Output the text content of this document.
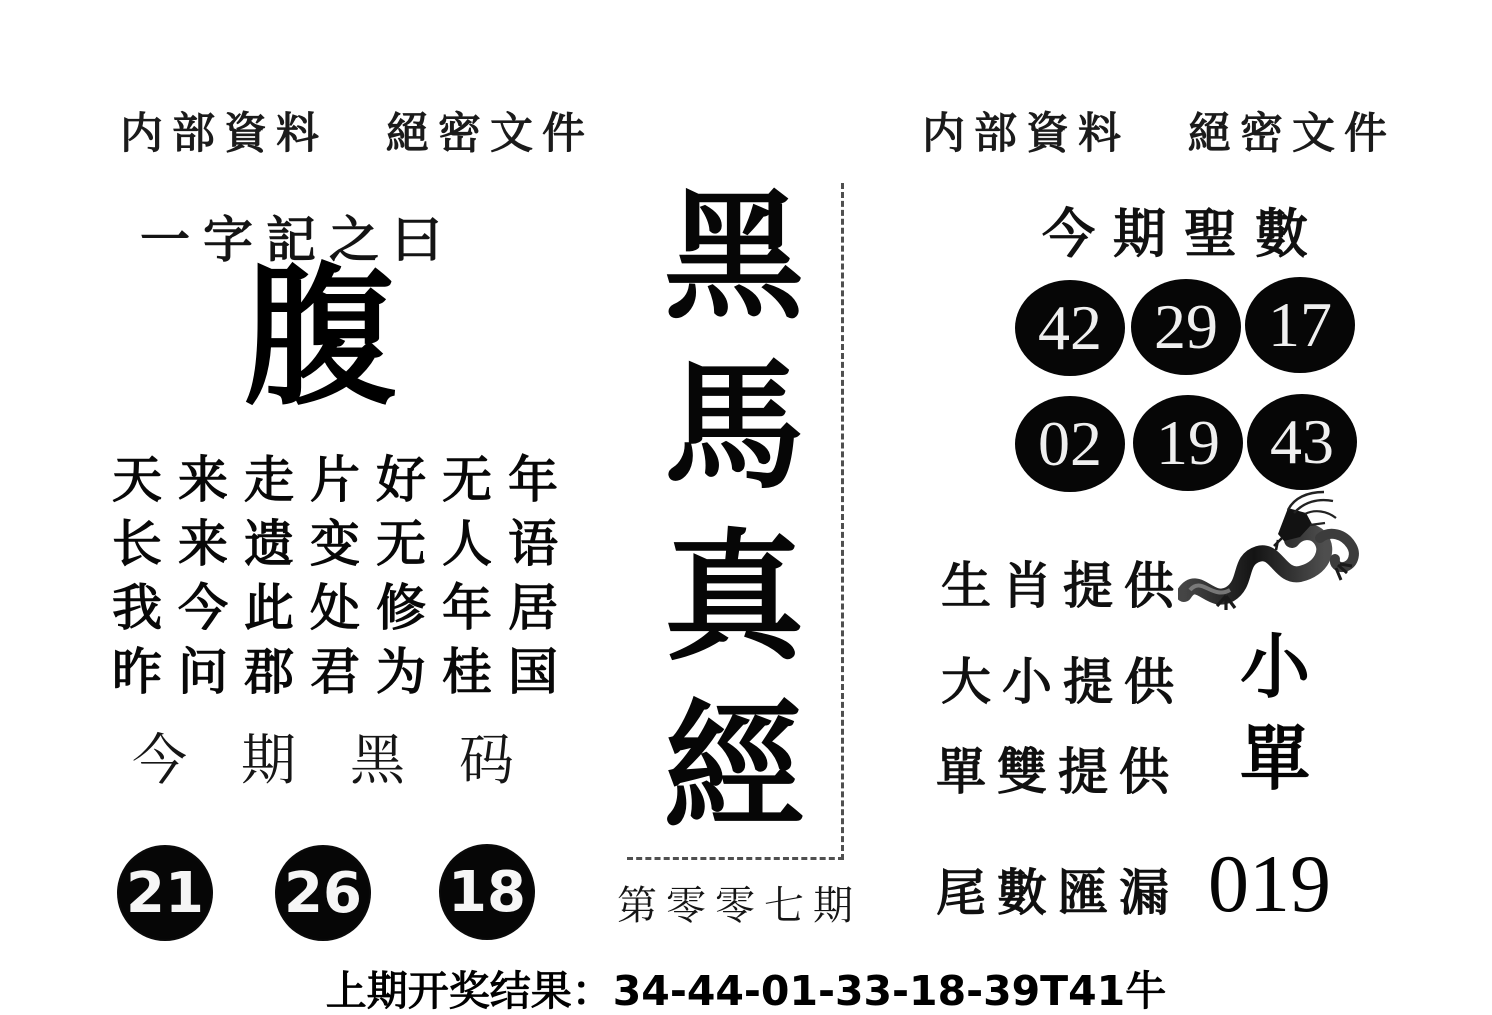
内部資料 絕密文件
一字記之曰
腹
天来走片好无年
长来遗变无人语
我今此处修年居
昨问郡君为桂国
今期黑码
21 26 18
黑
馬
真
經
第零零七期
内部資料 絕密文件
今期聖數
42 29 17
02 19 43
生肖提供
大小提供 小
單雙提供 單
尾數匯漏 019
上期开奖结果：34-44-01-33-18-39T41牛
